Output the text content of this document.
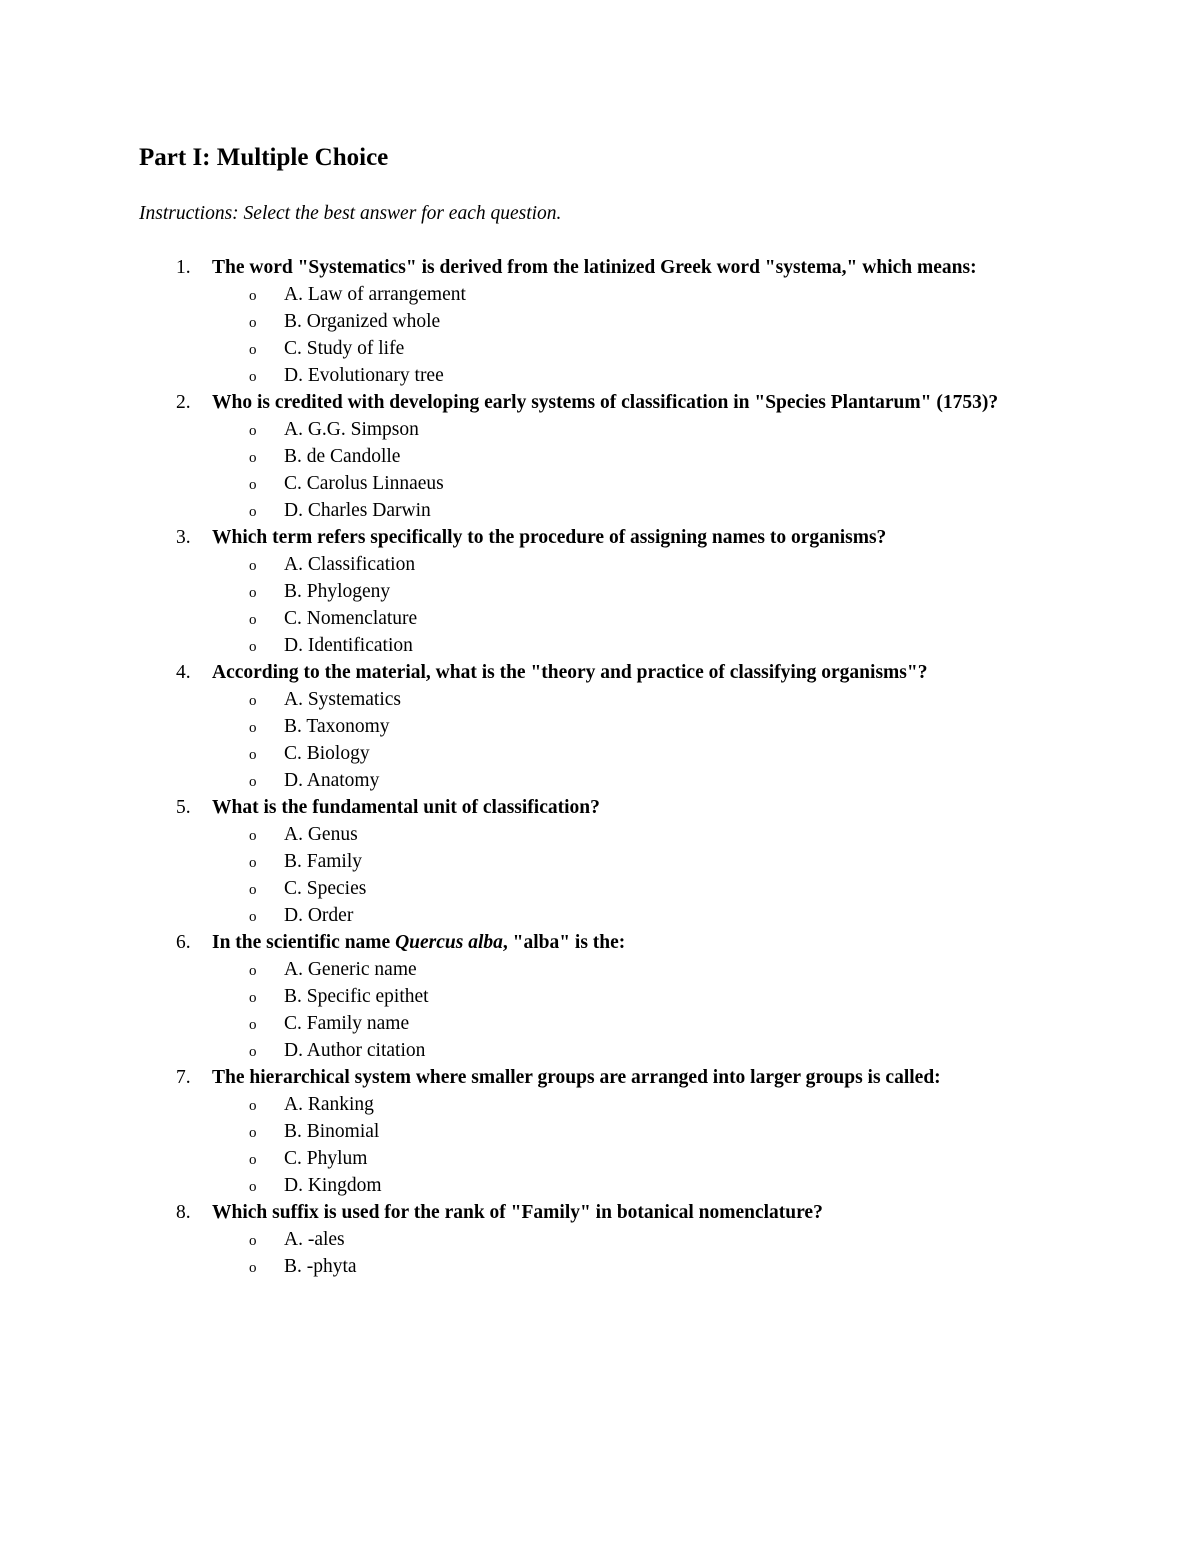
Part I: Multiple Choice

Instructions: Select the best answer for each question.

1. The word "Systematics" is derived from the latinized Greek word "systema," which means:
o A. Law of arrangement
o B. Organized whole
o C. Study of life
o D. Evolutionary tree
2. Who is credited with developing early systems of classification in "Species Plantarum" (1753)?
o A. G.G. Simpson
o B. de Candolle
o C. Carolus Linnaeus
o D. Charles Darwin
3. Which term refers specifically to the procedure of assigning names to organisms?
o A. Classification
o B. Phylogeny
o C. Nomenclature
o D. Identification
4. According to the material, what is the "theory and practice of classifying organisms"?
o A. Systematics
o B. Taxonomy
o C. Biology
o D. Anatomy
5. What is the fundamental unit of classification?
o A. Genus
o B. Family
o C. Species
o D. Order
6. In the scientific name Quercus alba, "alba" is the:
o A. Generic name
o B. Specific epithet
o C. Family name
o D. Author citation
7. The hierarchical system where smaller groups are arranged into larger groups is called:
o A. Ranking
o B. Binomial
o C. Phylum
o D. Kingdom
8. Which suffix is used for the rank of "Family" in botanical nomenclature?
o A. -ales
o B. -phyta
